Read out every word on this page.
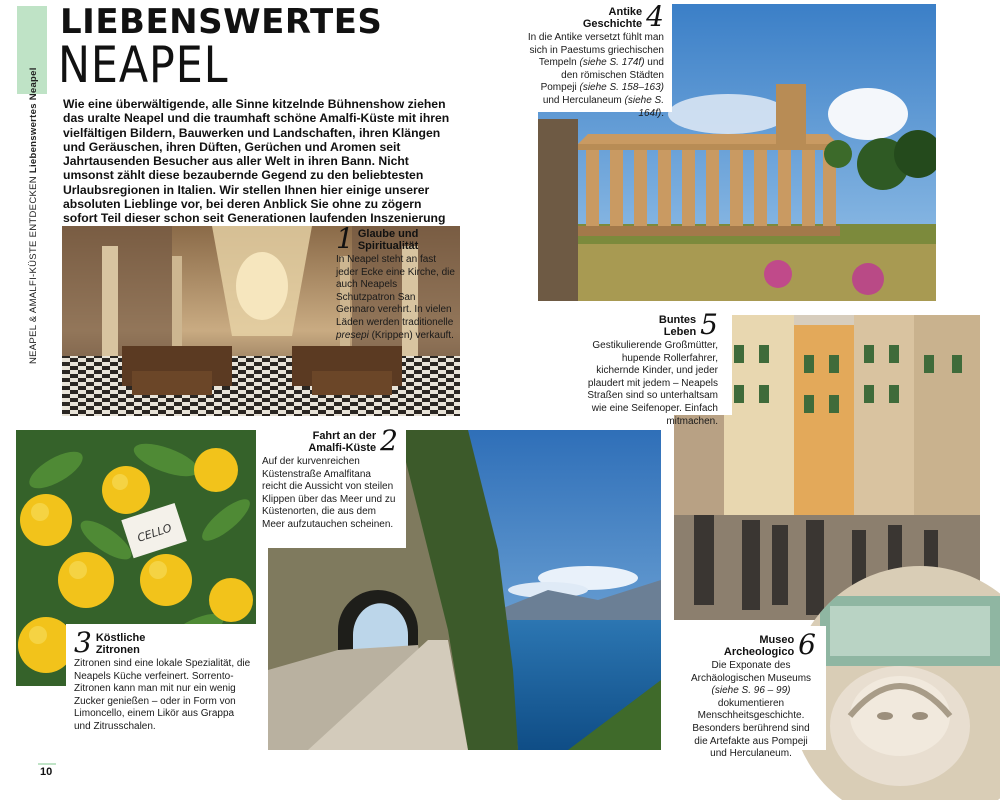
LIEBENSWERTES
NEAPEL
NEAPEL & AMALFI-KÜSTE ENTDECKEN Liebenswertes Neapel Wie eine überwältigende, alle Sinne kitzelnde Bühnenshow ziehen das uralte Neapel und die traumhaft schöne Amalfi-Küste mit ihren vielfältigen Bildern, Bauwerken und Landschaften, ihren Klängen und Geräuschen, ihren Düften, Gerüchen und Aromen seit Jahrtausenden Besucher aus aller Welt in ihren Bann. Nicht umsonst zählt diese bezaubernde Gegend zu den beliebtesten Urlaubsregionen in Italien. Wir stellen Ihnen hier einige unserer absoluten Lieblinge vor, bei deren Anblick Sie ohne zu zögern sofort Teil dieser schon seit Generationen laufenden Inszenierung

1 Glaube und
Spiritualität
In Neapel steht an fast jeder Ecke eine Kirche, die auch Neapels Schutzpatron San Gennaro verehrt. In vielen Läden werden traditionelle presepi (Krippen) verkauft.
Antike
Geschichte 4
In die Antike versetzt fühlt man sich in Paestums griechischen Tempeln (siehe S. 174f) und den römischen Städten Pompeji (siehe S. 158–163) und Herculaneum (siehe S. 164f).
Buntes
Leben 5
Gestikulierende Großmütter, hupende Rollerfahrer, kichernde Kinder, und jeder plaudert mit jedem – Neapels Straßen sind so unterhaltsam wie eine Seifenoper. Einfach mitmachen.
CELLO
3 Köstliche
Zitronen
Zitronen sind eine lokale Spezialität, die Neapels Küche verfeinert. Sorrento-Zitronen kann man mit nur ein wenig Zucker genießen – oder in Form von Limoncello, einem Likör aus Grappa und Zitrusschalen.
Fahrt an der
Amalfi-Küste 2
Auf der kurvenreichen Küstenstraße Amalfitana reicht die Aussicht von steilen Klippen über das Meer und zu Küstenorten, die aus dem Meer aufzutauchen scheinen.
Museo
Archeologico 6
Die Exponate des Archäologischen Museums (siehe S. 96 – 99) dokumentieren Menschheitsgeschichte. Besonders berührend sind die Artefakte aus Pompeji und Herculaneum.
10
